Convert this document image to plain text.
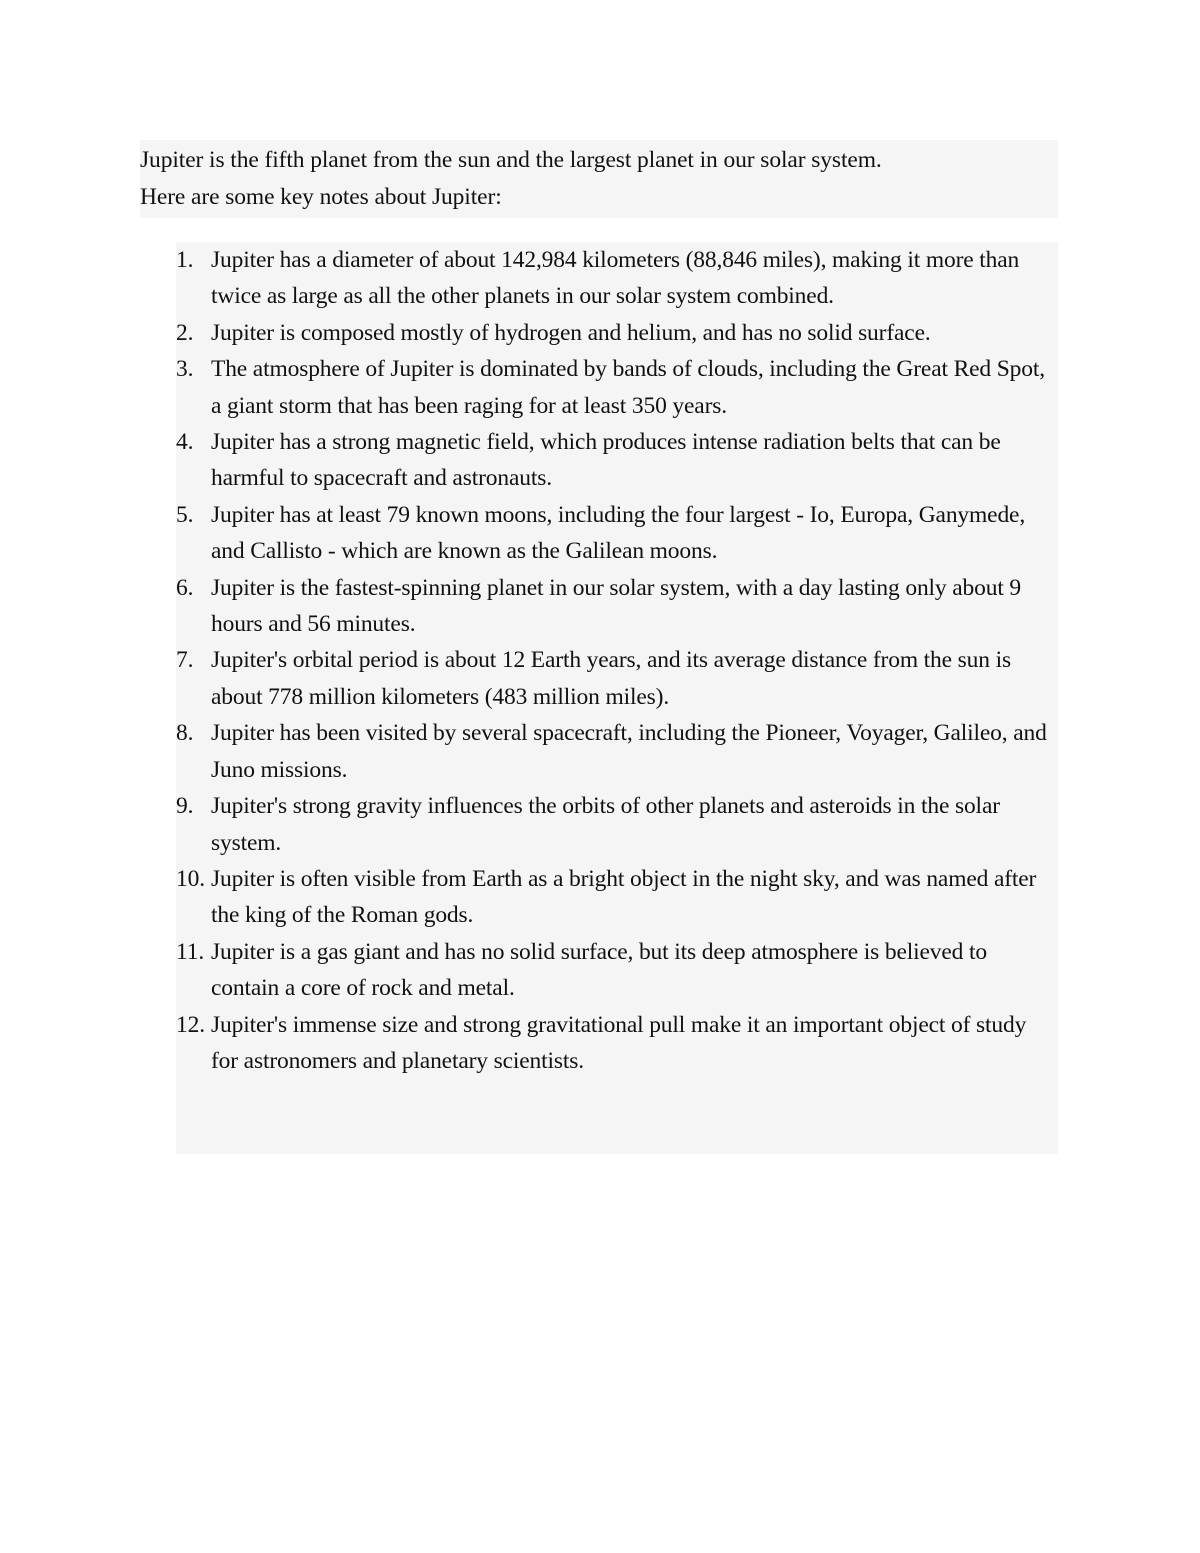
Jupiter is the fifth planet from the sun and the largest planet in our solar system.

Here are some key notes about Jupiter:

1. Jupiter has a diameter of about 142,984 kilometers (88,846 miles), making it more than twice as large as all the other planets in our solar system combined.
2. Jupiter is composed mostly of hydrogen and helium, and has no solid surface.
3. The atmosphere of Jupiter is dominated by bands of clouds, including the Great Red Spot, a giant storm that has been raging for at least 350 years.
4. Jupiter has a strong magnetic field, which produces intense radiation belts that can be harmful to spacecraft and astronauts.
5. Jupiter has at least 79 known moons, including the four largest - Io, Europa, Ganymede, and Callisto - which are known as the Galilean moons.
6. Jupiter is the fastest-spinning planet in our solar system, with a day lasting only about 9 hours and 56 minutes.
7. Jupiter's orbital period is about 12 Earth years, and its average distance from the sun is about 778 million kilometers (483 million miles).
8. Jupiter has been visited by several spacecraft, including the Pioneer, Voyager, Galileo, and Juno missions.
9. Jupiter's strong gravity influences the orbits of other planets and asteroids in the solar system.
10. Jupiter is often visible from Earth as a bright object in the night sky, and was named after the king of the Roman gods.
11. Jupiter is a gas giant and has no solid surface, but its deep atmosphere is believed to contain a core of rock and metal.
12. Jupiter's immense size and strong gravitational pull make it an important object of study for astronomers and planetary scientists.
